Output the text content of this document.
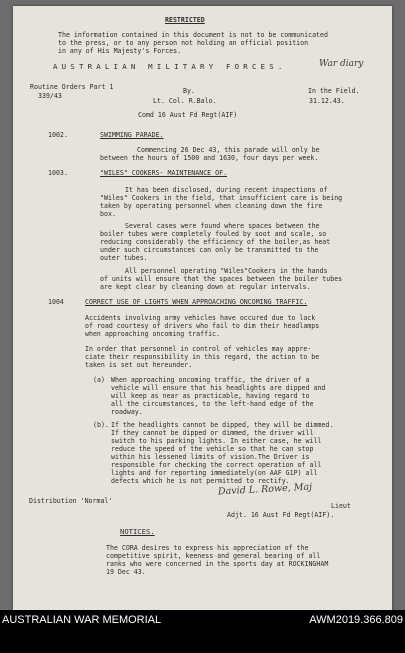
RESTRICTED
The information contained in this document is not to be communicated
to the press, or to any person not holding an official position
in any of His Majesty's Forces.
AUSTRALIAN MILITARY FORCES.	War diary
Routine Orders Part 1
339/43
By.
Lt. Col. R.Balo.
Comd 16 Aust Fd Regt(AIF)
In the Field.
31.12.43.
1002.	SWIMMING PARADE.
Commencing 26 Dec 43, this parade will only be
between the hours of 1500 and 1630, four days per week.
1003.	"WILES" COOKERS- MAINTENANCE OF.
It has been disclosed, during recent inspections of
"Wiles" Cookers in the field, that insufficient care is being
taken by operating personnel when cleaning down the fire
box.
Several cases were found where spaces between the
boiler tubes were completely fouled by soot and scale, so
reducing considerably the efficiency of the boiler,as heat
under such circumstances can only be transmitted to the
outer tubes.
All personnel operating "Wiles"Cookers in the hands
of units will ensure that the spaces between the boiler tubes
are kept clear by cleaning down at regular intervals.
1004	CORRECT USE OF LIGHTS WHEN APPROACHING ONCOMING TRAFFIC.
Accidents involving army vehicles have occured due to lack
of road courtesy of drivers who fail to dim their headlamps
when approaching oncoming traffic.
In order that personnel in control of vehicles may appre-
ciate their responsibility in this regard, the action to be
taken is set out hereunder.
(a) When approaching oncoming traffic, the driver of a
vehicle will ensure that his headlights are dipped and
will keep as near as practicable, having regard to
all the circumstances, to the left-hand edge of the
roadway.
(b). If the headlights cannot be dipped, they will be dimmed.
If they cannot be dipped or dimmed, the driver will
switch to his parking lights. In either case, he will
reduce the speed of the vehicle so that he can stop
within his lessened limits of vision.The Driver is
responsible for checking the correct operation of all
lights and for reporting immediately(on AAF G1P) all
defects which he is not permitted to rectify.
David L. Rowe, Maj
Lieut
Adjt. 16 Aust Fd Regt(AIF).
Distribution 'Normal'
NOTICES.
The CORA desires to express his appreciation of the
competitive spirit, keeness and general bearing of all
ranks who were concerned in the sports day at ROCKINGHAM
19 Dec 43.
AUSTRALIAN WAR MEMORIAL	AWM2019.366.809
